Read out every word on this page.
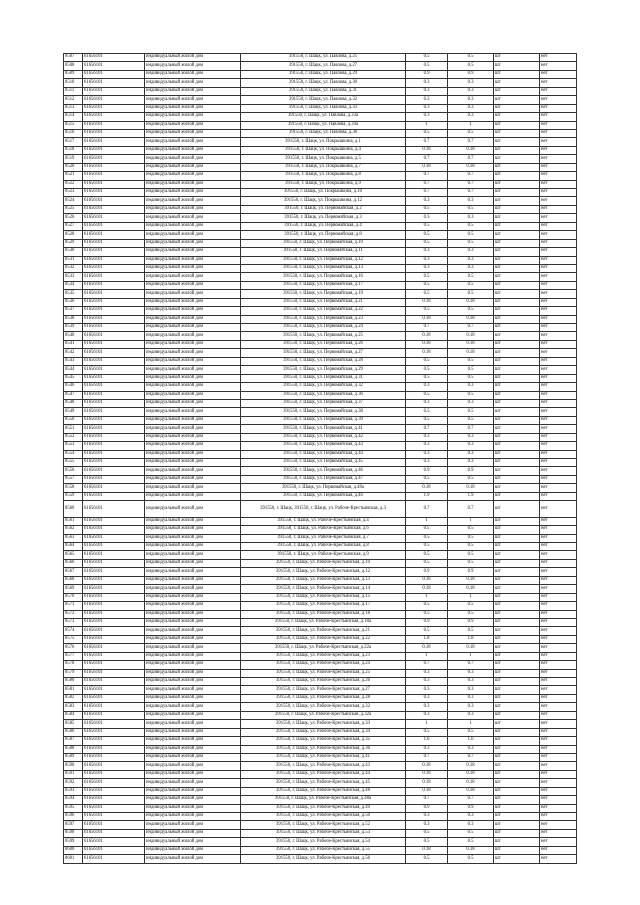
8507	61656101	индивидуальный жилой дом	391550, г. Шацк, ул. Павлова, д.25	0.5	0.5	шт	нет
8508	61656101	индивидуальный жилой дом	391550, г. Шацк, ул. Павлова, д.27	0.5	0.5	шт	нет
8509	61656101	индивидуальный жилой дом	391550, г. Шацк, ул. Павлова, д.29	0.9	0.9	шт	нет
8510	61656101	индивидуальный жилой дом	391550, г. Шацк, ул. Павлова, д.30	0.3	0.3	шт	нет
8511	61656101	индивидуальный жилой дом	391550, г. Шацк, ул. Павлова, д.31	0.3	0.3	шт	нет
8512	61656101	индивидуальный жилой дом	391550, г. Шацк, ул. Павлова, д.32	0.3	0.3	шт	нет
8513	61656101	индивидуальный жилой дом	391550, г. Шацк, ул. Павлова, д.33	0.3	0.3	шт	нет
8514	61656101	индивидуальный жилой дом	391550, г. Шацк, ул. Павлова, д.33а	0.3	0.3	шт	нет
8515	61656101	индивидуальный жилой дом	391550, г. Шацк, ул. Павлова, д.34а	1	1	шт	нет
8516	61656101	индивидуальный жилой дом	391550, г. Шацк, ул. Павлова, д.38	0.5	0.5	шт	нет
8517	61656101	индивидуальный жилой дом	391550, г. Шацк, ул. Покрышкина, д.1	0.7	0.7	шт	нет
8518	61656101	индивидуальный жилой дом	391550, г. Шацк, ул. Покрышкина, д.4	0.18	0.18	шт	нет
8519	61656101	индивидуальный жилой дом	391550, г. Шацк, ул. Покрышкина, д.5	0.7	0.7	шт	нет
8520	61656101	индивидуальный жилой дом	391550, г. Шацк, ул. Покрышкина, д.7	0.18	0.18	шт	нет
8521	61656101	индивидуальный жилой дом	391550, г. Шацк, ул. Покрышкина, д.8	0.7	0.7	шт	нет
8522	61656101	индивидуальный жилой дом	391550, г. Шацк, ул. Покрышкина, д.9	0.7	0.7	шт	нет
8523	61656101	индивидуальный жилой дом	391550, г. Шацк, ул. Покрышкина, д.10	0.7	0.7	шт	нет
8524	61656101	индивидуальный жилой дом	391550, г. Шацк, ул. Покрышкина, д.12	0.3	0.3	шт	нет
8525	61656101	индивидуальный жилой дом	391550, г. Шацк, ул. Первомайская, д.2	0.5	0.5	шт	нет
8526	61656101	индивидуальный жилой дом	391550, г. Шацк, ул. Первомайская, д.3	0.3	0.3	шт	нет
8527	61656101	индивидуальный жилой дом	391550, г. Шацк, ул. Первомайская, д.4	0.5	0.5	шт	нет
8528	61656101	индивидуальный жилой дом	391550, г. Шацк, ул. Первомайская, д.8	0.5	0.5	шт	нет
8529	61656101	индивидуальный жилой дом	391550, г. Шацк, ул. Первомайская, д.10	0.5	0.5	шт	нет
8530	61656101	индивидуальный жилой дом	391550, г. Шацк, ул. Первомайская, д.11	0.3	0.3	шт	нет
8531	61656101	индивидуальный жилой дом	391550, г. Шацк, ул. Первомайская, д.12	0.3	0.3	шт	нет
8532	61656101	индивидуальный жилой дом	391550, г. Шацк, ул. Первомайская, д.13	0.3	0.3	шт	нет
8533	61656101	индивидуальный жилой дом	391550, г. Шацк, ул. Первомайская, д.16	0.5	0.5	шт	нет
8534	61656101	индивидуальный жилой дом	391550, г. Шацк, ул. Первомайская, д.17	0.5	0.5	шт	нет
8535	61656101	индивидуальный жилой дом	391550, г. Шацк, ул. Первомайская, д.19	0.5	0.5	шт	нет
8536	61656101	индивидуальный жилой дом	391550, г. Шацк, ул. Первомайская, д.21	0.18	0.18	шт	нет
8537	61656101	индивидуальный жилой дом	391550, г. Шацк, ул. Первомайская, д.22	0.5	0.5	шт	нет
8538	61656101	индивидуальный жилой дом	391550, г. Шацк, ул. Первомайская, д.23	0.18	0.18	шт	нет
8539	61656101	индивидуальный жилой дом	391550, г. Шацк, ул. Первомайская, д.24	0.7	0.7	шт	нет
8540	61656101	индивидуальный жилой дом	391550, г. Шацк, ул. Первомайская, д.25	0.18	0.18	шт	нет
8541	61656101	индивидуальный жилой дом	391550, г. Шацк, ул. Первомайская, д.26	0.18	0.18	шт	нет
8542	61656101	индивидуальный жилой дом	391550, г. Шацк, ул. Первомайская, д.27	0.18	0.18	шт	нет
8543	61656101	индивидуальный жилой дом	391550, г. Шацк, ул. Первомайская, д.28	0.5	0.5	шт	нет
8544	61656101	индивидуальный жилой дом	391550, г. Шацк, ул. Первомайская, д.29	0.5	0.5	шт	нет
8545	61656101	индивидуальный жилой дом	391550, г. Шацк, ул. Первомайская, д.31	0.5	0.5	шт	нет
8546	61656101	индивидуальный жилой дом	391550, г. Шацк, ул. Первомайская, д.32	0.3	0.3	шт	нет
8547	61656101	индивидуальный жилой дом	391550, г. Шацк, ул. Первомайская, д.36	0.5	0.5	шт	нет
8548	61656101	индивидуальный жилой дом	391550, г. Шацк, ул. Первомайская, д.37	0.3	0.3	шт	нет
8549	61656101	индивидуальный жилой дом	391550, г. Шацк, ул. Первомайская, д.38	0.5	0.5	шт	нет
8550	61656101	индивидуальный жилой дом	391550, г. Шацк, ул. Первомайская, д.39	0.5	0.5	шт	нет
8551	61656101	индивидуальный жилой дом	391550, г. Шацк, ул. Первомайская, д.41	0.7	0.7	шт	нет
8552	61656101	индивидуальный жилой дом	391550, г. Шацк, ул. Первомайская, д.42	0.3	0.3	шт	нет
8553	61656101	индивидуальный жилой дом	391550, г. Шацк, ул. Первомайская, д.43	0.3	0.3	шт	нет
8554	61656101	индивидуальный жилой дом	391550, г. Шацк, ул. Первомайская, д.44	0.3	0.3	шт	нет
8555	61656101	индивидуальный жилой дом	391550, г. Шацк, ул. Первомайская, д.45	0.3	0.3	шт	нет
8556	61656101	индивидуальный жилой дом	391550, г. Шацк, ул. Первомайская, д.46	0.9	0.9	шт	нет
8557	61656101	индивидуальный жилой дом	391550, г. Шацк, ул. Первомайская, д.47	0.5	0.5	шт	нет
8558	61656101	индивидуальный жилой дом	391550, г. Шацк, ул. Первомайская, д.48а	0.18	0.18	шт	нет
8559	61656101	индивидуальный жилой дом	391550, г. Шацк, ул. Первомайская, д.4б	1.9	1.9	шт	нет
8560	61656101	индивидуальный жилой дом	391550, г. Шацк, 391550, г. Шацк, ул. Рабоче-Крестьянская, д.3	0.7	0.7	шт	нет
8561	61656101	индивидуальный жилой дом	391550, г. Шацк, ул. Рабоче-Крестьянская, д.4	1	1	шт	нет
8562	61656101	индивидуальный жилой дом	391550, г. Шацк, ул. Рабоче-Крестьянская, д.6	0.5	0.5	шт	нет
8563	61656101	индивидуальный жилой дом	391550, г. Шацк, ул. Рабоче-Крестьянская, д.7	0.5	0.5	шт	нет
8564	61656101	индивидуальный жилой дом	391550, г. Шацк, ул. Рабоче-Крестьянская, д.8	0.5	0.5	шт	нет
8565	61656101	индивидуальный жилой дом	391550, г. Шацк, ул. Рабоче-Крестьянская, д.9	0.5	0.5	шт	нет
8566	61656101	индивидуальный жилой дом	391550, г. Шацк, ул. Рабоче-Крестьянская, д.10	0.5	0.5	шт	нет
8567	61656101	индивидуальный жилой дом	391550, г. Шацк, ул. Рабоче-Крестьянская, д.12	0.9	0.9	шт	нет
8568	61656101	индивидуальный жилой дом	391550, г. Шацк, ул. Рабоче-Крестьянская, д.13	0.18	0.18	шт	нет
8569	61656101	индивидуальный жилой дом	391550, г. Шацк, ул. Рабоче-Крестьянская, д.14	0.18	0.18	шт	нет
8570	61656101	индивидуальный жилой дом	391550, г. Шацк, ул. Рабоче-Крестьянская, д.15	1	1	шт	нет
8571	61656101	индивидуальный жилой дом	391550, г. Шацк, ул. Рабоче-Крестьянская, д.17	0.5	0.5	шт	нет
8572	61656101	индивидуальный жилой дом	391550, г. Шацк, ул. Рабоче-Крестьянская, д.18	0.5	0.5	шт	нет
8573	61656101	индивидуальный жилой дом	391550, г. Шацк, ул. Рабоче-Крестьянская, д.18а	0.9	0.9	шт	нет
8574	61656101	индивидуальный жилой дом	391550, г. Шацк, ул. Рабоче-Крестьянская, д.21	0.5	0.5	шт	нет
8575	61656101	индивидуальный жилой дом	391550, г. Шацк, ул. Рабоче-Крестьянская, д.22	1.8	1.8	шт	нет
8576	61656101	индивидуальный жилой дом	391550, г. Шацк, ул. Рабоче-Крестьянская, д.22а	0.18	0.18	шт	нет
8577	61656101	индивидуальный жилой дом	391550, г. Шацк, ул. Рабоче-Крестьянская, д.23	1	1	шт	нет
8578	61656101	индивидуальный жилой дом	391550, г. Шацк, ул. Рабоче-Крестьянская, д.24	0.7	0.7	шт	нет
8579	61656101	индивидуальный жилой дом	391550, г. Шацк, ул. Рабоче-Крестьянская, д.25	0.3	0.3	шт	нет
8580	61656101	индивидуальный жилой дом	391550, г. Шацк, ул. Рабоче-Крестьянская, д.26	0.3	0.3	шт	нет
8581	61656101	индивидуальный жилой дом	391550, г. Шацк, ул. Рабоче-Крестьянская, д.27	0.3	0.3	шт	нет
8582	61656101	индивидуальный жилой дом	391550, г. Шацк, ул. Рабоче-Крестьянская, д.28	0.3	0.3	шт	нет
8583	61656101	индивидуальный жилой дом	391550, г. Шацк, ул. Рабоче-Крестьянская, д.32	0.3	0.3	шт	нет
8584	61656101	индивидуальный жилой дом	391550, г. Шацк, ул. Рабоче-Крестьянская, д.32а	0.3	0.3	шт	нет
8585	61656101	индивидуальный жилой дом	391550, г. Шацк, ул. Рабоче-Крестьянская, д.33	1	1	шт	нет
8586	61656101	индивидуальный жилой дом	391550, г. Шацк, ул. Рабоче-Крестьянская, д.34	0.5	0.5	шт	нет
8587	61656101	индивидуальный жилой дом	391550, г. Шацк, ул. Рабоче-Крестьянская, д.35	1.6	1.6	шт	нет
8588	61656101	индивидуальный жилой дом	391550, г. Шацк, ул. Рабоче-Крестьянская, д.36	0.3	0.3	шт	нет
8589	61656101	индивидуальный жилой дом	391550, г. Шацк, ул. Рабоче-Крестьянская, д.41	0.7	0.7	шт	нет
8590	61656101	индивидуальный жилой дом	391550, г. Шацк, ул. Рабоче-Крестьянская, д.43	0.18	0.18	шт	нет
8591	61656101	индивидуальный жилой дом	391550, г. Шацк, ул. Рабоче-Крестьянская, д.44	0.18	0.18	шт	нет
8592	61656101	индивидуальный жилой дом	391550, г. Шацк, ул. Рабоче-Крестьянская, д.45	0.18	0.18	шт	нет
8593	61656101	индивидуальный жилой дом	391550, г. Шацк, ул. Рабоче-Крестьянская, д.48	0.18	0.18	шт	нет
8594	61656101	индивидуальный жилой дом	391550, г. Шацк, ул. Рабоче-Крестьянская, д.48а	0.7	0.7	шт	нет
8595	61656101	индивидуальный жилой дом	391550, г. Шацк, ул. Рабоче-Крестьянская, д.49	0.9	0.9	шт	нет
8596	61656101	индивидуальный жилой дом	391550, г. Шацк, ул. Рабоче-Крестьянская, д.50	0.3	0.3	шт	нет
8597	61656101	индивидуальный жилой дом	391550, г. Шацк, ул. Рабоче-Крестьянская, д.52	0.3	0.3	шт	нет
8598	61656101	индивидуальный жилой дом	391550, г. Шацк, ул. Рабоче-Крестьянская, д.53	0.5	0.5	шт	нет
8599	61656101	индивидуальный жилой дом	391550, г. Шацк, ул. Рабоче-Крестьянская, д.54	0.5	0.5	шт	нет
8600	61656101	индивидуальный жилой дом	391550, г. Шацк, ул. Рабоче-Крестьянская, д.55	0.18	0.18	шт	нет
8601	61656101	индивидуальный жилой дом	391550, г. Шацк, ул. Рабоче-Крестьянская, д.56	0.5	0.5	шт	нет
